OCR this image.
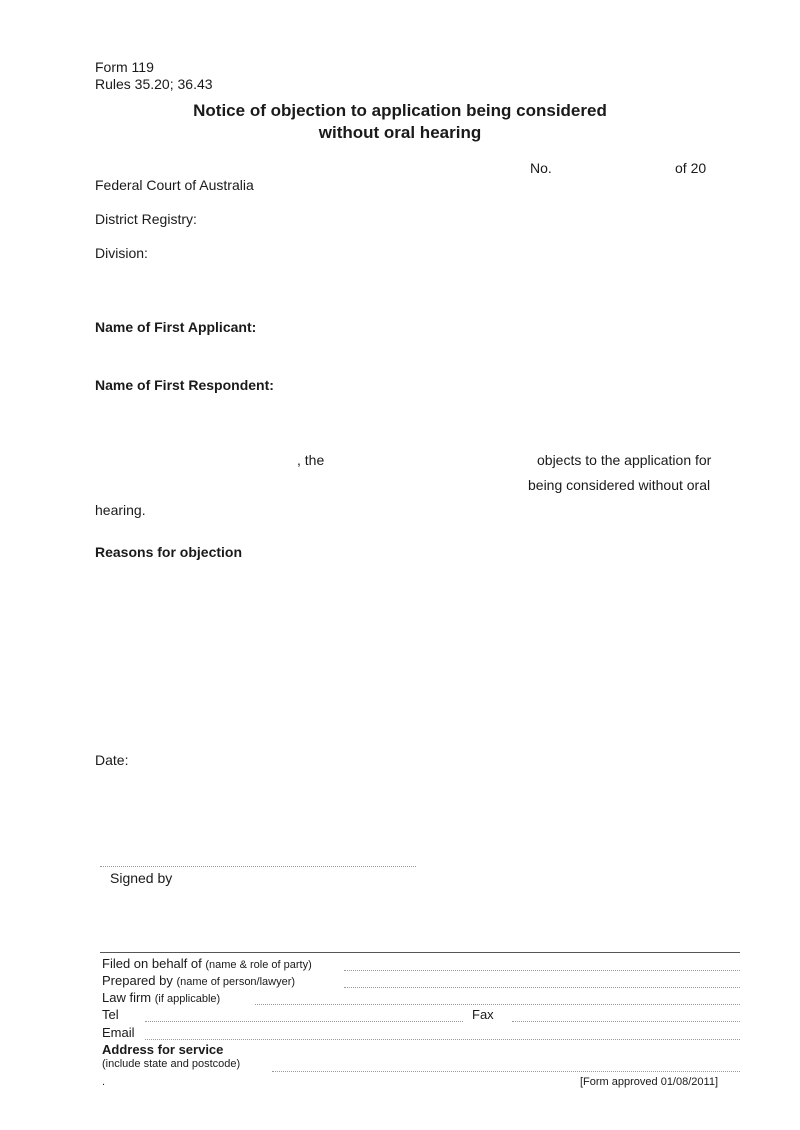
Form 119
Rules 35.20; 36.43
Notice of objection to application being considered
without oral hearing
No.	of 20
Federal Court of Australia
District Registry:
Division:
Name of First Applicant:
Name of First Respondent:
, the	objects to the application for
being considered without oral
hearing.
Reasons for objection
Date:
Signed by
Filed on behalf of (name & role of party)
Prepared by (name of person/lawyer)
Law firm (if applicable)
Tel	Fax
Email
Address for service
(include state and postcode)
.	[Form approved 01/08/2011]
